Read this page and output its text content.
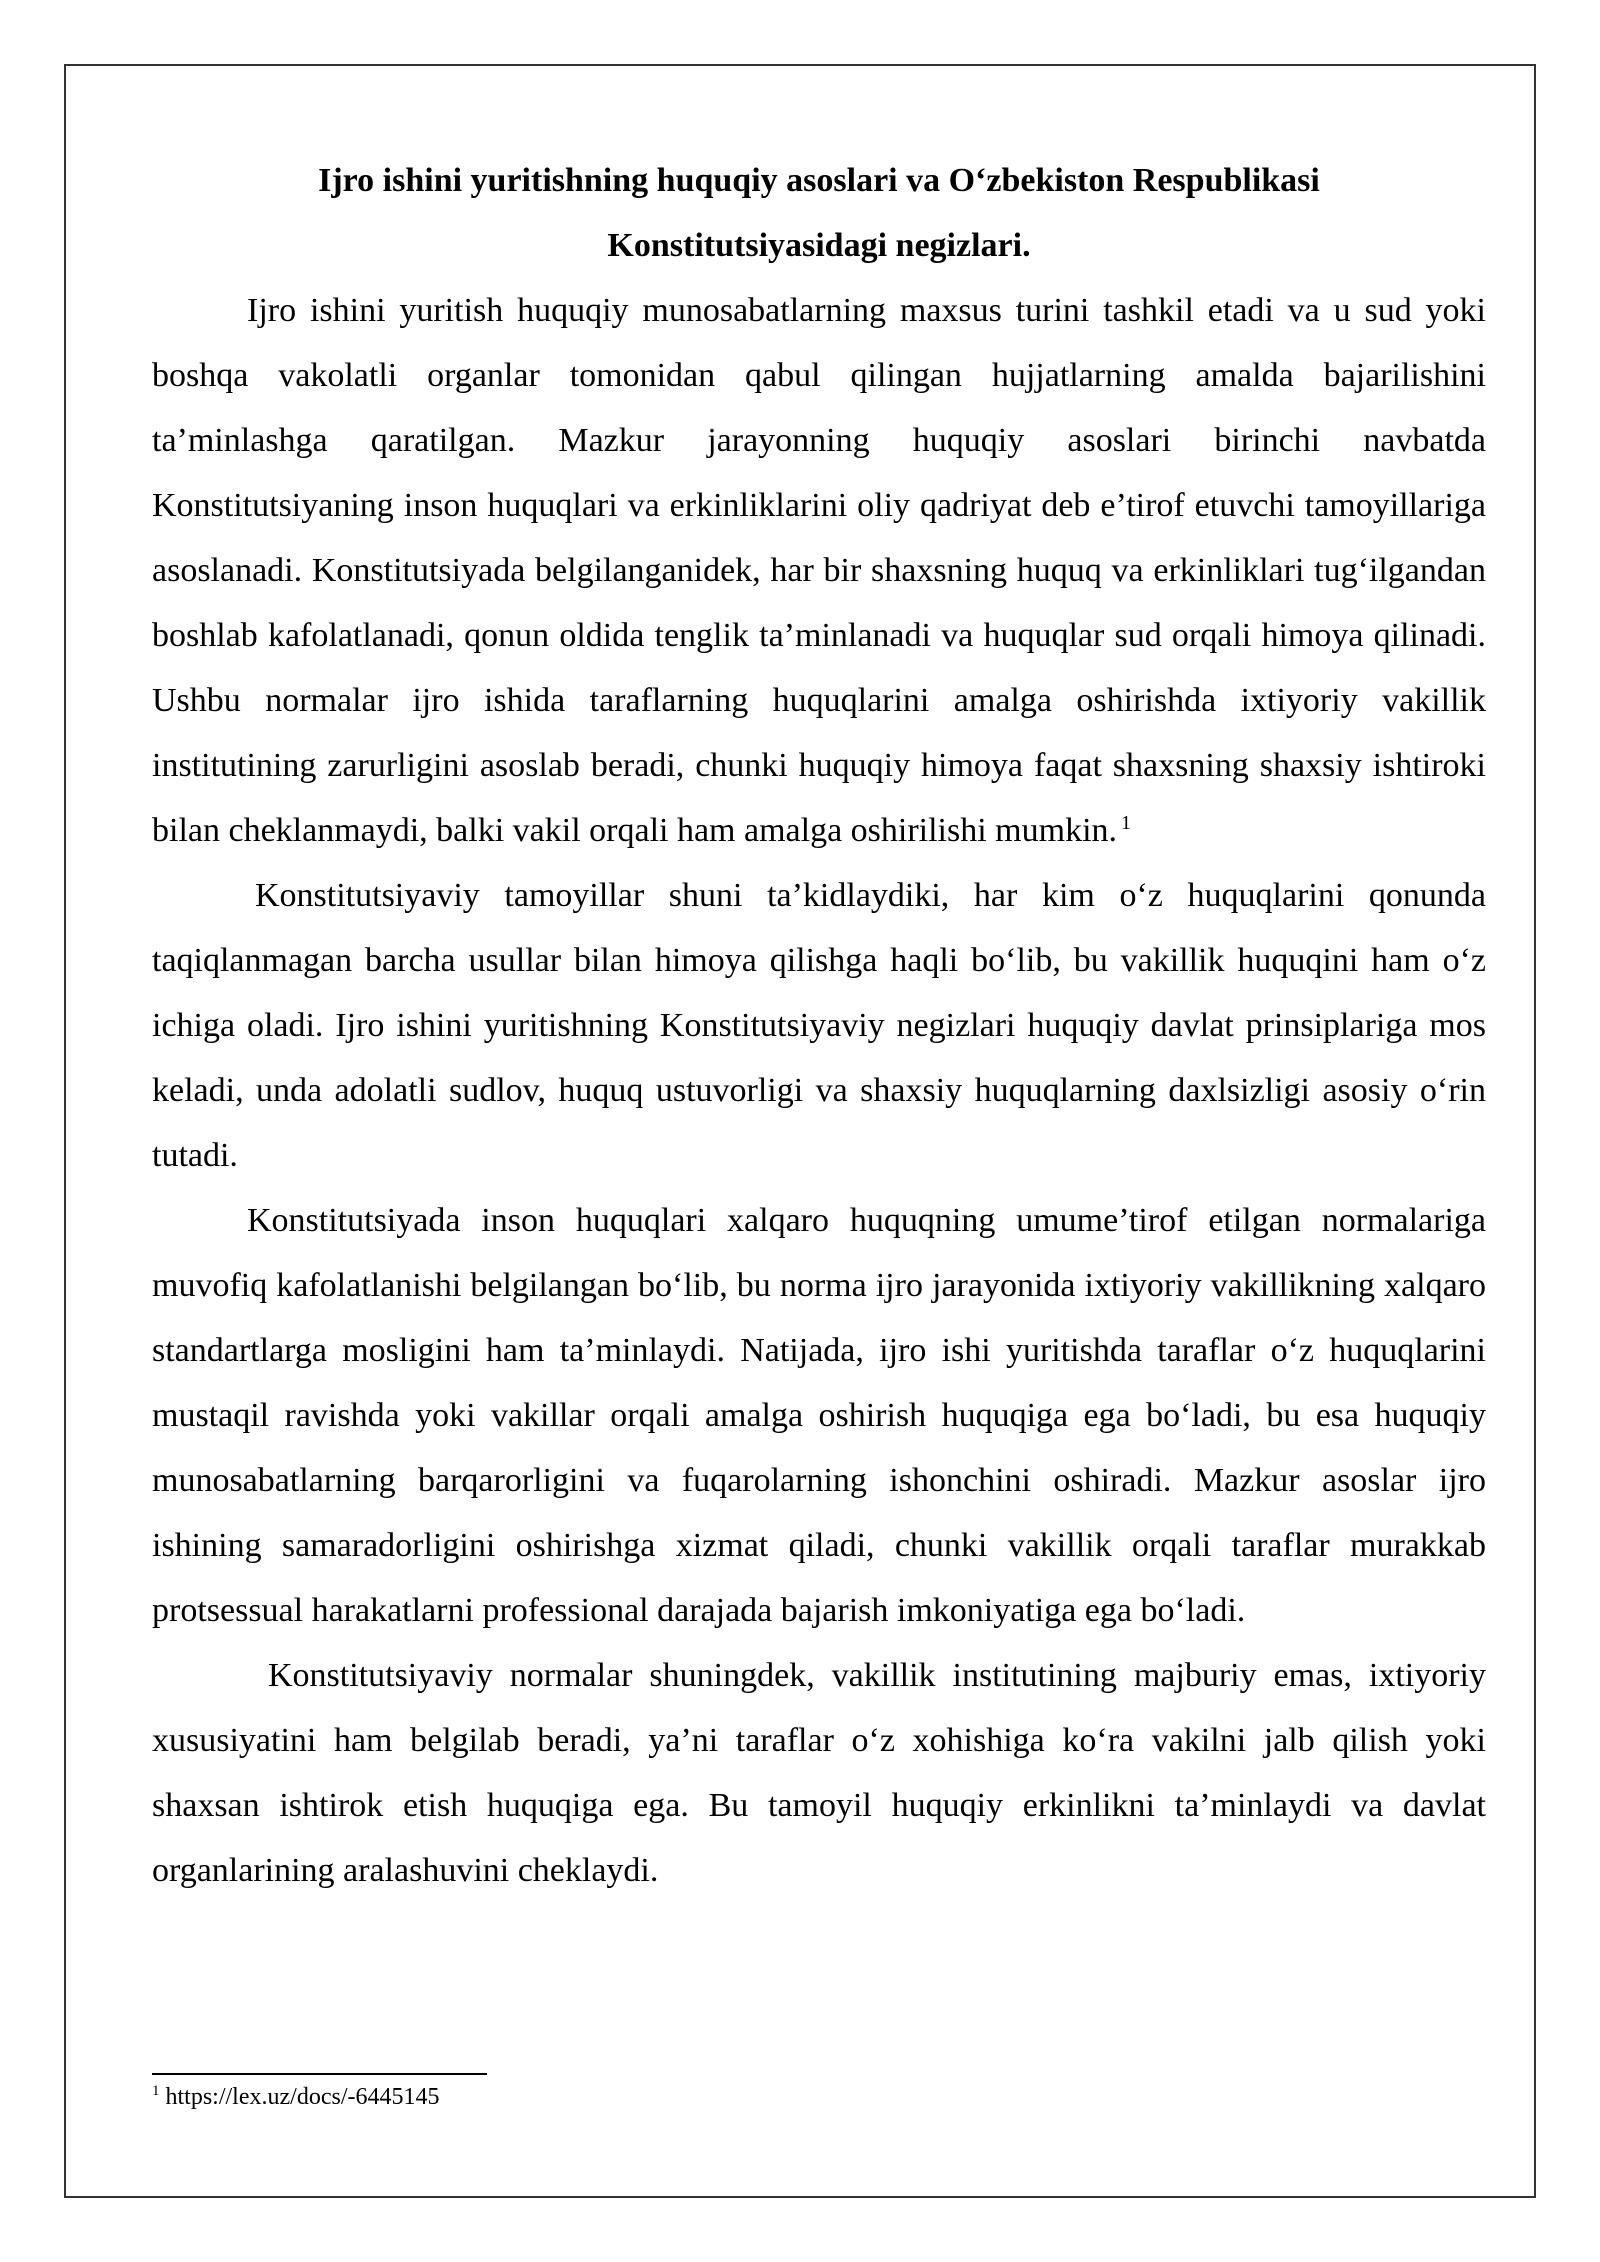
Ijro ishini yuritishning huquqiy asoslari va O‘zbekiston Respublikasi
Konstitutsiyasidagi negizlari.

Ijro ishini yuritish huquqiy munosabatlarning maxsus turini tashkil etadi va u sud yoki boshqa vakolatli organlar tomonidan qabul qilingan hujjatlarning amalda bajarilishini ta’minlashga qaratilgan. Mazkur jarayonning huquqiy asoslari birinchi navbatda Konstitutsiyaning inson huquqlari va erkinliklarini oliy qadriyat deb e’tirof etuvchi tamoyillariga asoslanadi. Konstitutsiyada belgilanganidek, har bir shaxsning huquq va erkinliklari tug‘ilgandan boshlab kafolatlanadi, qonun oldida tenglik ta’minlanadi va huquqlar sud orqali himoya qilinadi. Ushbu normalar ijro ishida taraflarning huquqlarini amalga oshirishda ixtiyoriy vakillik institutining zarurligini asoslab beradi, chunki huquqiy himoya faqat shaxsning shaxsiy ishtiroki bilan cheklanmaydi, balki vakil orqali ham amalga oshirilishi mumkin. $^1$

Konstitutsiyaviy tamoyillar shuni ta’kidlaydiki, har kim o‘z huquqlarini qonunda taqiqlanmagan barcha usullar bilan himoya qilishga haqli bo‘lib, bu vakillik huquqini ham o‘z ichiga oladi. Ijro ishini yuritishning Konstitutsiyaviy negizlari huquqiy davlat prinsiplariga mos keladi, unda adolatli sudlov, huquq ustuvorligi va shaxsiy huquqlarning daxlsizligi asosiy o‘rin tutadi.

Konstitutsiyada inson huquqlari xalqaro huquqning umume’tirof etilgan normalariga muvofiq kafolatlanishi belgilangan bo‘lib, bu norma ijro jarayonida ixtiyoriy vakillikning xalqaro standartlarga mosligini ham ta’minlaydi. Natijada, ijro ishi yuritishda taraflar o‘z huquqlarini mustaqil ravishda yoki vakillar orqali amalga oshirish huquqiga ega bo‘ladi, bu esa huquqiy munosabatlarning barqarorligini va fuqarolarning ishonchini oshiradi. Mazkur asoslar ijro ishining samaradorligini oshirishga xizmat qiladi, chunki vakillik orqali taraflar murakkab protsessual harakatlarni professional darajada bajarish imkoniyatiga ega bo‘ladi.

Konstitutsiyaviy normalar shuningdek, vakillik institutining majburiy emas, ixtiyoriy xususiyatini ham belgilab beradi, ya’ni taraflar o‘z xohishiga ko‘ra vakilni jalb qilish yoki shaxsan ishtirok etish huquqiga ega. Bu tamoyil huquqiy erkinlikni ta’minlaydi va davlat organlarining aralashuvini cheklaydi.

$^1$ https://lex.uz/docs/-6445145
